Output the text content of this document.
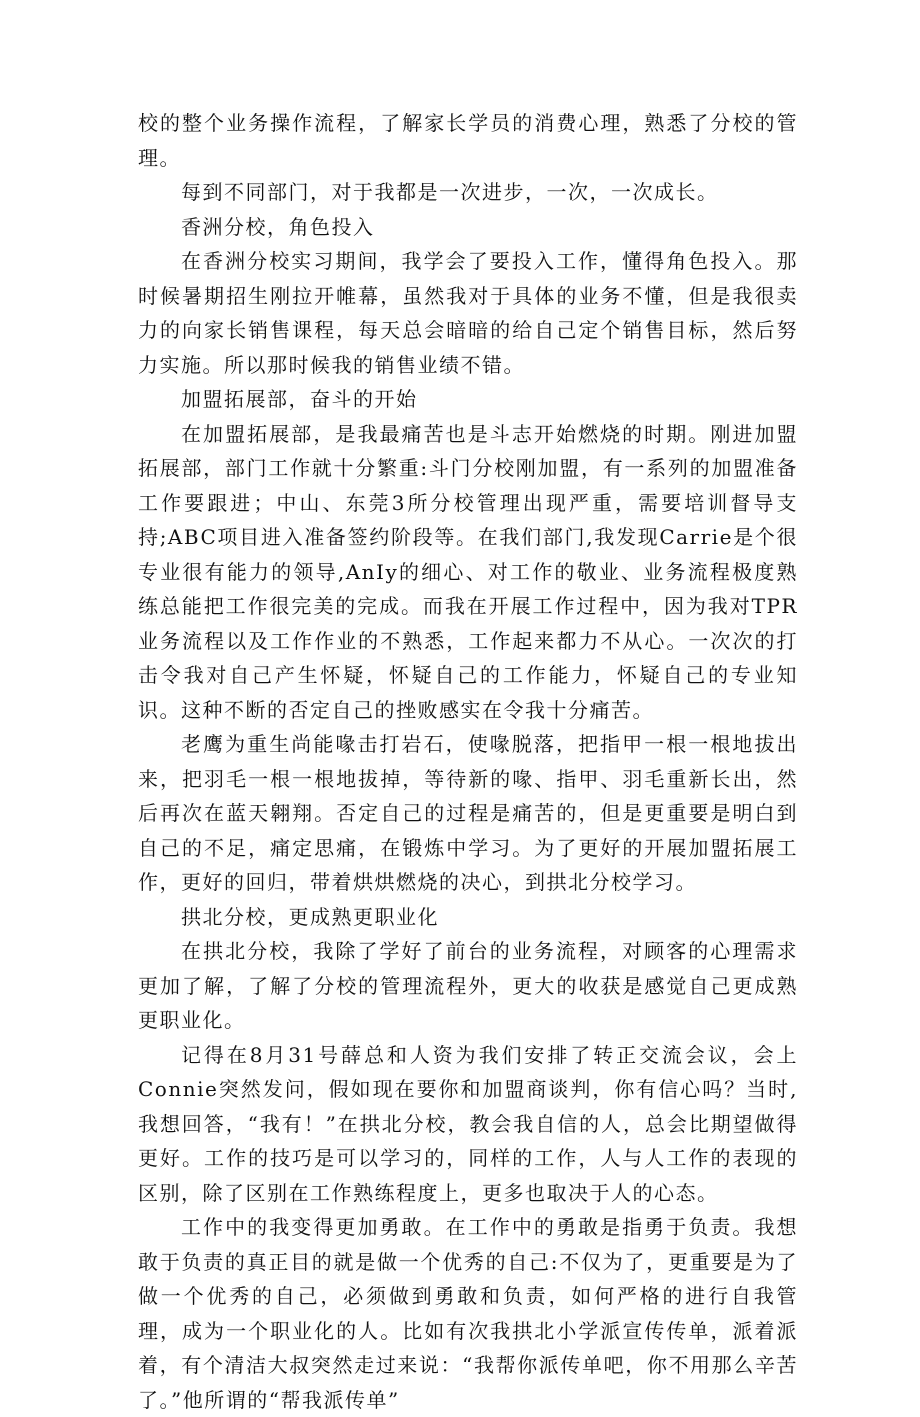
校的整个业务操作流程，了解家长学员的消费心理，熟悉了分校的管理。

每到不同部门，对于我都是一次进步，一次，一次成长。

香洲分校，角色投入

在香洲分校实习期间，我学会了要投入工作，懂得角色投入。那时候暑期招生刚拉开帷幕，虽然我对于具体的业务不懂，但是我很卖力的向家长销售课程，每天总会暗暗的给自己定个销售目标，然后努力实施。所以那时候我的销售业绩不错。

加盟拓展部，奋斗的开始

在加盟拓展部，是我最痛苦也是斗志开始燃烧的时期。刚进加盟拓展部，部门工作就十分繁重:斗门分校刚加盟，有一系列的加盟准备工作要跟进；中山、东莞3所分校管理出现严重，需要培训督导支持;ABC项目进入准备签约阶段等。在我们部门,我发现Carrie是个很专业很有能力的领导,AnIy的细心、对工作的敬业、业务流程极度熟练总能把工作很完美的完成。而我在开展工作过程中，因为我对TPR业务流程以及工作作业的不熟悉，工作起来都力不从心。一次次的打击令我对自己产生怀疑，怀疑自己的工作能力，怀疑自己的专业知识。这种不断的否定自己的挫败感实在令我十分痛苦。

老鹰为重生尚能喙击打岩石，使喙脱落，把指甲一根一根地拔出来，把羽毛一根一根地拔掉，等待新的喙、指甲、羽毛重新长出，然后再次在蓝天翱翔。否定自己的过程是痛苦的，但是更重要是明白到自己的不足，痛定思痛，在锻炼中学习。为了更好的开展加盟拓展工作，更好的回归，带着烘烘燃烧的决心，到拱北分校学习。

拱北分校，更成熟更职业化

在拱北分校，我除了学好了前台的业务流程，对顾客的心理需求更加了解，了解了分校的管理流程外，更大的收获是感觉自己更成熟更职业化。

记得在8月31号薛总和人资为我们安排了转正交流会议，会上Connie突然发问，假如现在要你和加盟商谈判，你有信心吗？当时,我想回答，“我有！”在拱北分校，教会我自信的人，总会比期望做得更好。工作的技巧是可以学习的，同样的工作，人与人工作的表现的区别，除了区别在工作熟练程度上，更多也取决于人的心态。

工作中的我变得更加勇敢。在工作中的勇敢是指勇于负责。我想敢于负责的真正目的就是做一个优秀的自己:不仅为了，更重要是为了做一个优秀的自己，必须做到勇敢和负责，如何严格的进行自我管理，成为一个职业化的人。比如有次我拱北小学派宣传传单，派着派着，有个清洁大叔突然走过来说：“我帮你派传单吧，你不用那么辛苦了。”他所谓的“帮我派传单”
